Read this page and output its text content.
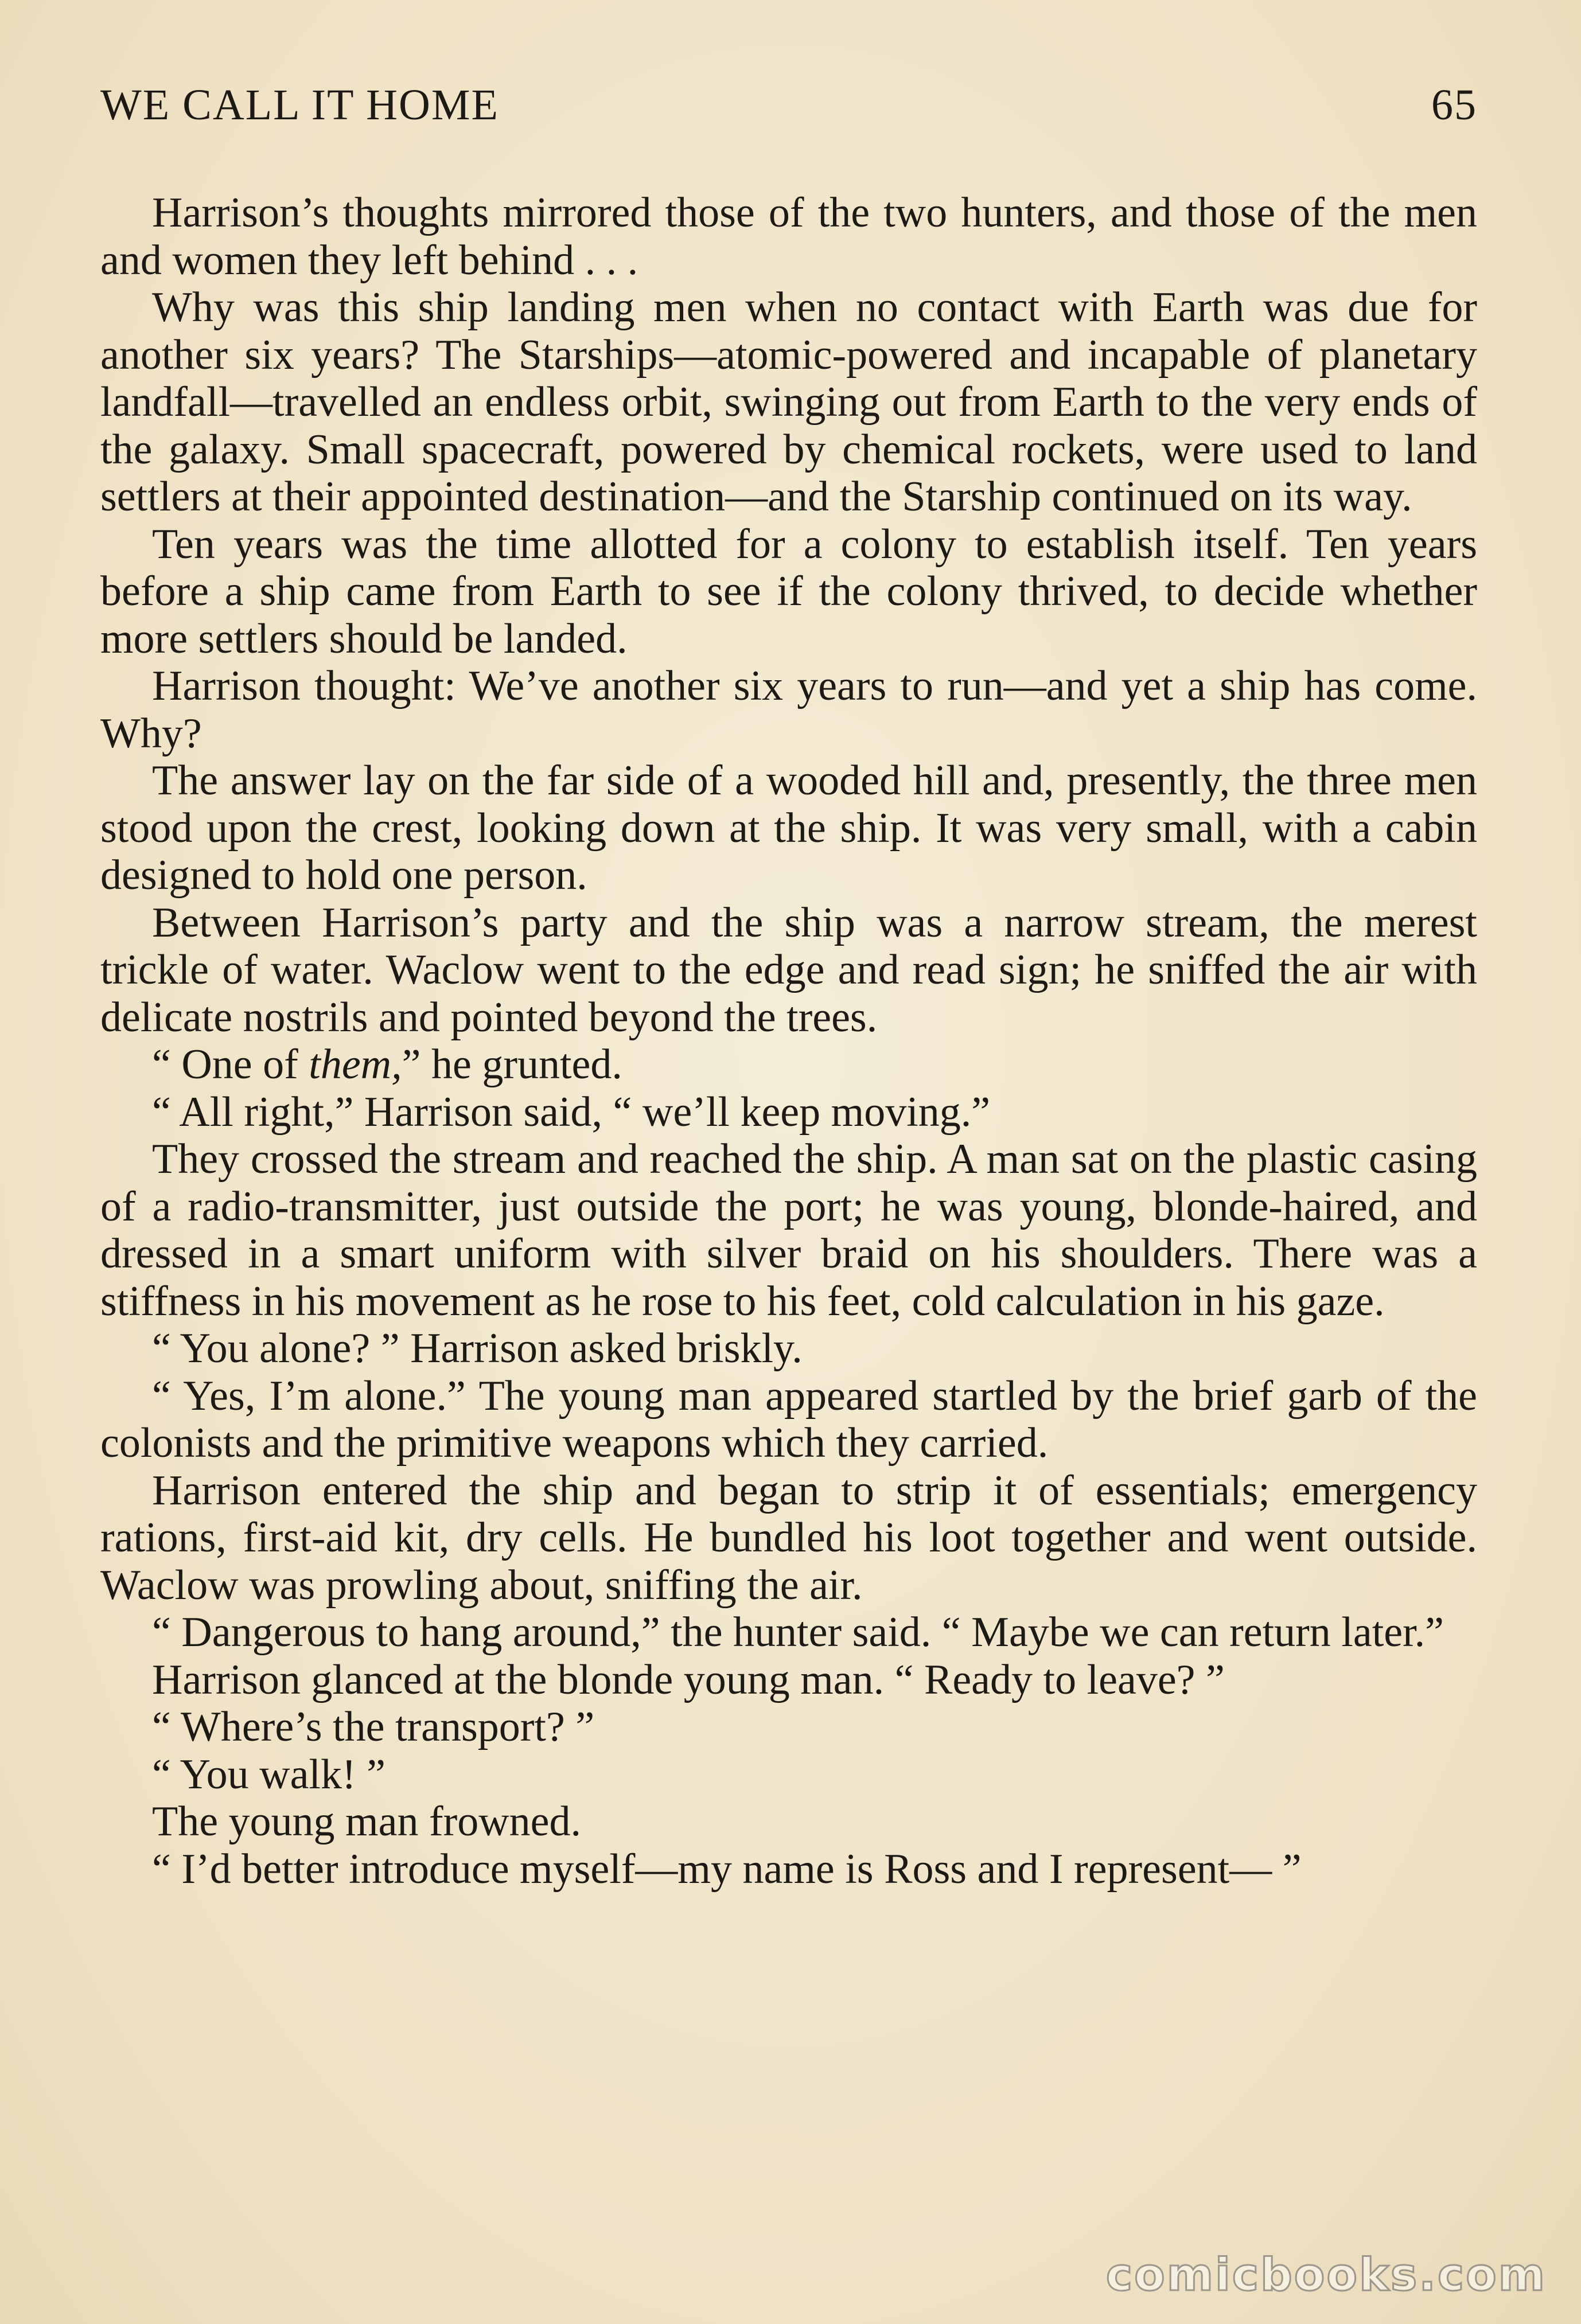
WE CALL IT HOME	65

Harrison’s thoughts mirrored those of the two hunters, and those of the men and women they left behind . . .

Why was this ship landing men when no contact with Earth was due for another six years? The Starships—atomic-powered and incapable of planetary landfall—travelled an endless orbit, swinging out from Earth to the very ends of the galaxy. Small spacecraft, powered by chemical rockets, were used to land settlers at their appointed destination—and the Starship continued on its way.

Ten years was the time allotted for a colony to establish itself. Ten years before a ship came from Earth to see if the colony thrived, to decide whether more settlers should be landed.

Harrison thought: We’ve another six years to run—and yet a ship has come. Why?

The answer lay on the far side of a wooded hill and, presently, the three men stood upon the crest, looking down at the ship. It was very small, with a cabin designed to hold one person.

Between Harrison’s party and the ship was a narrow stream, the merest trickle of water. Waclow went to the edge and read sign; he sniffed the air with delicate nostrils and pointed beyond the trees.

“ One of them,” he grunted.

“ All right,” Harrison said, “ we’ll keep moving.”

They crossed the stream and reached the ship. A man sat on the plastic casing of a radio-transmitter, just outside the port; he was young, blonde-haired, and dressed in a smart uniform with silver braid on his shoulders. There was a stiffness in his movement as he rose to his feet, cold calculation in his gaze.

“ You alone? ” Harrison asked briskly.

“ Yes, I’m alone.” The young man appeared startled by the brief garb of the colonists and the primitive weapons which they carried.

Harrison entered the ship and began to strip it of essentials; emergency rations, first-aid kit, dry cells. He bundled his loot together and went outside. Waclow was prowling about, sniffing the air.

“ Dangerous to hang around,” the hunter said. “ Maybe we can return later.”

Harrison glanced at the blonde young man. “ Ready to leave? ”

“ Where’s the transport? ”

“ You walk! ”

The young man frowned.

“ I’d better introduce myself—my name is Ross and I represent— ”

comicbooks.com
